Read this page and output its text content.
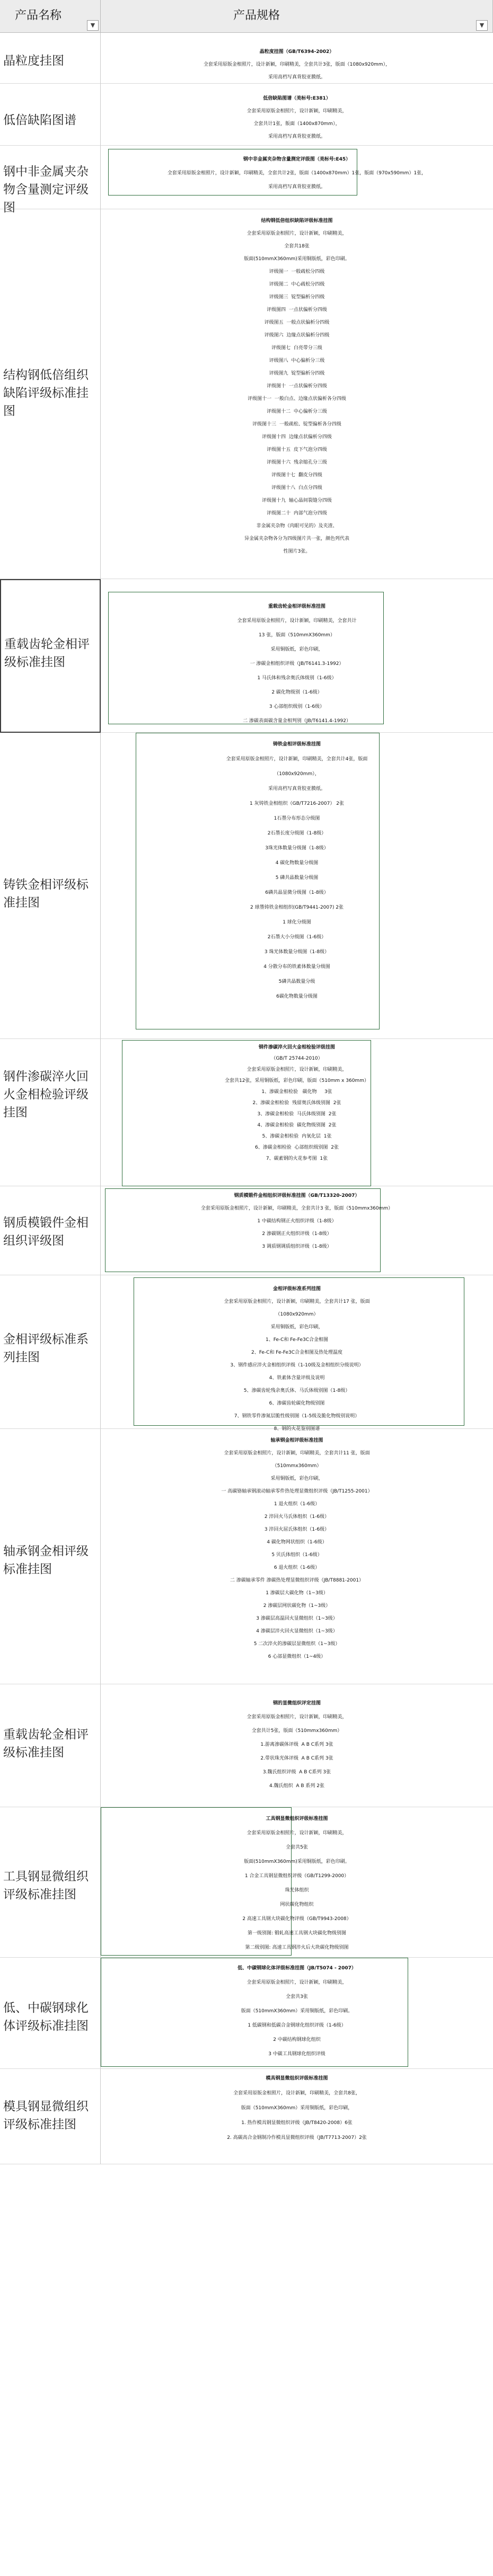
产品名称
▼
产品规格
▼
晶粒度挂图
晶粒度挂图（GB/T6394-2002）
全套采用原版金相照片，设计新颖，印刷精美，全套共计3张，版面（1080x920mm），
采用高档写真背胶亚膜纸。
低倍缺陷图谱
低倍缺陷图谱（美标号:E381）
全套采用原版金相照片，设计新颖，印刷精美，
全套共计1张，版面（1400x870mm），
采用高档写真背胶亚膜纸。
钢中非金属夹杂物含量测定评级图
钢中非金属夹杂物含量测定评级图（美标号:E45）
全套采用原版金相照片，设计新颖，印刷精美，全套共计2张，版面（1400x870mm）1张，版面（970x590mm）1张，
采用高档写真背胶亚膜纸。
结构钢低倍组织缺陷评级标准挂图
结构钢低倍组织缺陷评级标准挂图
全套采用原版金相照片，设计新颖，印刷精美，
全套共18张
版面(510mmX360mm)采用铜版纸，彩色印刷。
评级图一  一般疏松分四级
评级图二  中心疏松分四级
评级图三  锭型偏析分四级
评级图四  一点状偏析分四级
评级图五  一般点状偏析分四级
评级图六  边缘点状偏析分四级
评级图七  白亮带分三级
评级图八  中心偏析分三级
评级图九  锭型偏析分四级
评级图十  一点状偏析分四级
评级图十一  一般白点、边缘点状偏析各分四级
评级图十二  中心偏析分三级
评级图十三  一般疏松、锭型偏析各分四级
评级图十四  边缘点状偏析分四级
评级图十五  皮下气泡分四级
评级图十六  残余缩孔分三级
评级图十七  翻皮分四级
评级图十八  白点分四级
评级图十九  轴心晶间裂缝分四级
评级图二十  内部气泡分四级
非金属夹杂物（肉眼可见的）及夹渣、
异金属夹杂物各分为四级图片共一张，颜色列代表
性图片3张。
重载齿轮金相评级标准挂图
重载齿轮金相评级标准挂图
全套采用原版金相照片，设计新颖，印刷精美，全套共计
13 张，版面（510mmX360mm）
采用铜版纸，彩色印刷，
一 渗碳金相组织评级（JB/T6141.3-1992）
1 马氏体和残余奥氏体级别（1-6级）
2 碳化物级别（1-6级）
3 心部组织级别（1-6级）
二 渗碳表面碳含量金相判别（JB/T6141.4-1992）
铸铁金相评级标准挂图
铸铁金相评级标准挂图
全套采用原版金相照片，设计新颖，印刷精美，全套共计4张，版面
（1080x920mm），
采用高档写真背胶亚膜纸。
1 灰铸铁金相组织（GB/T7216-2007） 2张
1石墨分布形态分级图
2石墨长度分级图（1-8级）
3珠光体数量分级图（1-8级）
4 碳化物数量分级图
5 磷共晶数量分级图
6磷共晶显微分级图（1-8级）
2 球墨铸铁金相组织(GB/T9441-2007) 2张
1 球化分级图
2石墨大小分级图（1-6级）
3 珠光体数量分级图（1-8级）
4 分散分布的铁素体数量分级图
5磷共晶数量分级
6碳化物数量分级图
钢件渗碳淬火回火金相检验评级挂图
钢件渗碳淬火回火金相检验评级挂图
（GB/T 25744-2010）
全套采用原版金相照片，设计新颖，印刷精美，
全套共12张，采用铜版纸，彩色印刷，版面（510mm x 360mm）
1、渗碳金相检验   碳化物     3张
2、渗碳金相检验  残留奥氏体级别图  2张
3、渗碳金相检验  马氏体级别图  2张
4、渗碳金相检验  碳化物级别图  2张
5、渗碳金相检验  内氧化层  1张
6、渗碳金相检验  心部组织级别图  2张
7、碳素钢的火花参考图  1张
钢质模锻件金相组织评级图
钢质模锻件金相组织评级标准挂图（GB/T13320-2007）
全套采用原版金相照片，设计新颖，印刷精美，全套共计3 张，版面（510mmx360mm）
1 中碳结构钢正火组织评级（1-8级）
2 渗碳钢正火组织评级（1-8级）
3 调质钢调质组织评级（1-8级）
金相评级标准系列挂图
金相评级标准系列挂图
全套采用原版金相照片，设计新颖，印刷精美，全套共计17 张，版面
（1080x920mm）
采用铜版纸，彩色印刷，
1、Fe-C和 Fe-Fe3C合金相图
2、Fe-C和 Fe-Fe3C合金相图及热处理温度
3、钢件感应淬火金相组织评级（1-10级及金相组织分级说明）
4、铁素体含量评级及说明
5、渗碳齿轮残余奥氏体、马氏体级别图（1-8级）
6、渗碳齿轮碳化物级别图
7、钢铁零件渗氮层脆性级别图（1-5级及脆化物级别说明）
8、钢的火花鉴别图谱
轴承钢金相评级标准挂图
轴承钢金相评级标准挂图
全套采用原版金相照片，设计新颖，印刷精美，全套共计11 张，版面
（510mmx360mm）
采用铜版纸，彩色印刷，
一 高碳铬轴承钢滚动轴承零件热处理显微组织评级（JB/T1255-2001）
1 退火组织（1-6级）
2 淬回火马氏体组织（1-6级）
3 淬回火屈氏体组织（1-6级）
4 碳化物网状组织（1-6级）
5 贝氏体组织（1-6级）
6 退火组织（1-6级）
二 渗碳轴承零件 渗碳热处理显微组织评级（JB/T8881-2001）
1 渗碳层大碳化物（1~3级）
2 渗碳层网状碳化物（1~3级）
3 渗碳层高温回火显微组织（1~3级）
4 渗碳层淬火回火显微组织（1~3级）
5 二次淬火的渗碳层显微组织（1~3级）
6 心部显微组织（1~4级）
重载齿轮金相评级标准挂图
钢的显微组织评定挂图
全套采用原版金相照片，设计新颖，印刷精美，
全套共计5张，版面（510mmx360mm）
1.游离渗碳体评级  A B C系列 3张
2.带状珠光体评级  A B C系列 3张
3.魏氏组织评级  A B C系列 3张
4.魏氏组织  A B 系列 2张
工具钢显微组织评级标准挂图
工具钢显微组织评级标准挂图
全套采用原版金相照片，设计新颖，印刷精美，
全套共5张
版面(510mmX360mm)采用铜版纸，彩色印刷。
1 合金工具钢显微组织评级（GB/T1299-2000）
珠光体组织
网状碳化物组织
2 高速工具钢大块碳化物评级（GB/T9943-2008）
第一级别图: 锻轧高速工具钢大块碳化物级别图
第二级别图: 高速工具钢淬火后大块碳化物级别图
低、中碳钢球化体评级标准挂图
低、中碳钢球化体评级标准挂图（JB/T5074 - 2007）
全套采用原版金相照片，设计新颖，印刷精美，
全套共3张
版面（510mmX360mm）采用铜版纸，彩色印刷。
1 低碳钢和低碳合金钢球化组织评级（1-6级）
2 中碳结构钢球化组织
3 中碳工具钢球化组织评级
模具钢显微组织评级标准挂图
模具钢显微组织评级标准挂图
全套采用原版金相照片，设计新颖，印刷精美，全套共8张，
版面（510mmX360mm）采用铜版纸，彩色印刷，
1. 热作模具钢显微组织评级（JB/T8420-2008）6张
2. 高碳高合金钢制冷作模具显微组织评级（JB/T7713-2007）2张
